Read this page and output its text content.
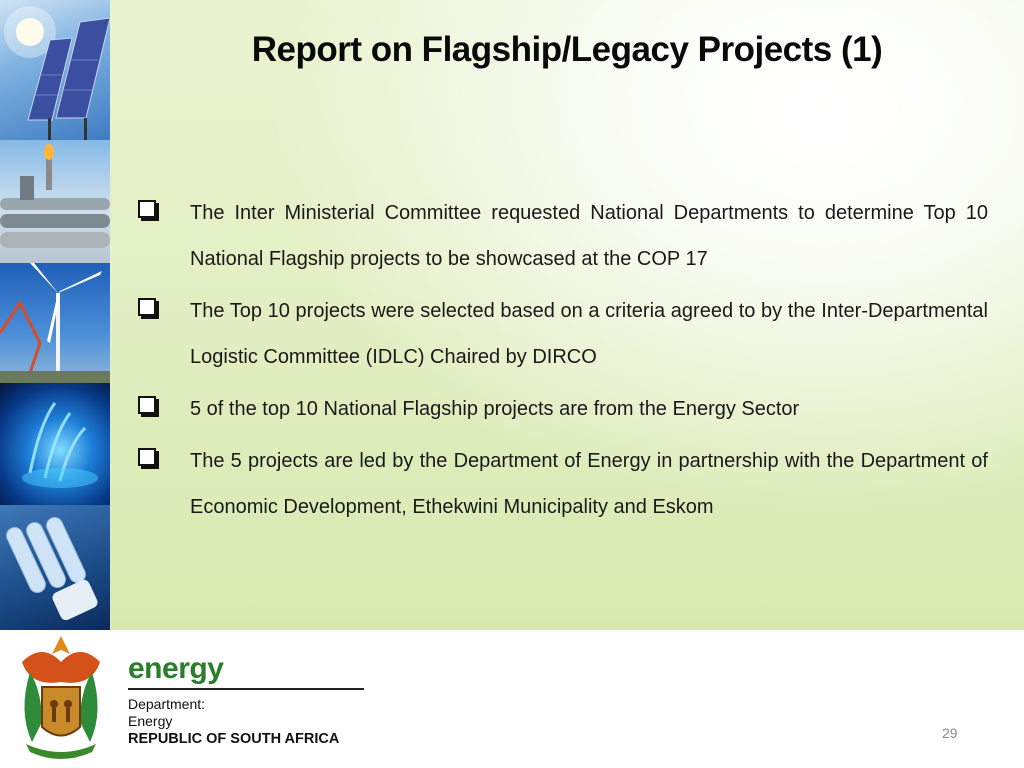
Report on Flagship/Legacy Projects (1)
The Inter Ministerial Committee requested National Departments to determine Top 10 National Flagship projects to be showcased at the COP 17
The Top 10 projects were selected based on a criteria agreed to by the Inter-Departmental Logistic Committee (IDLC) Chaired by DIRCO
5 of the top 10 National Flagship projects are from the Energy Sector
The 5 projects are led by the Department of Energy in partnership with the Department of Economic Development, Ethekwini Municipality and Eskom
energy
Department:
Energy
REPUBLIC OF SOUTH AFRICA	29
